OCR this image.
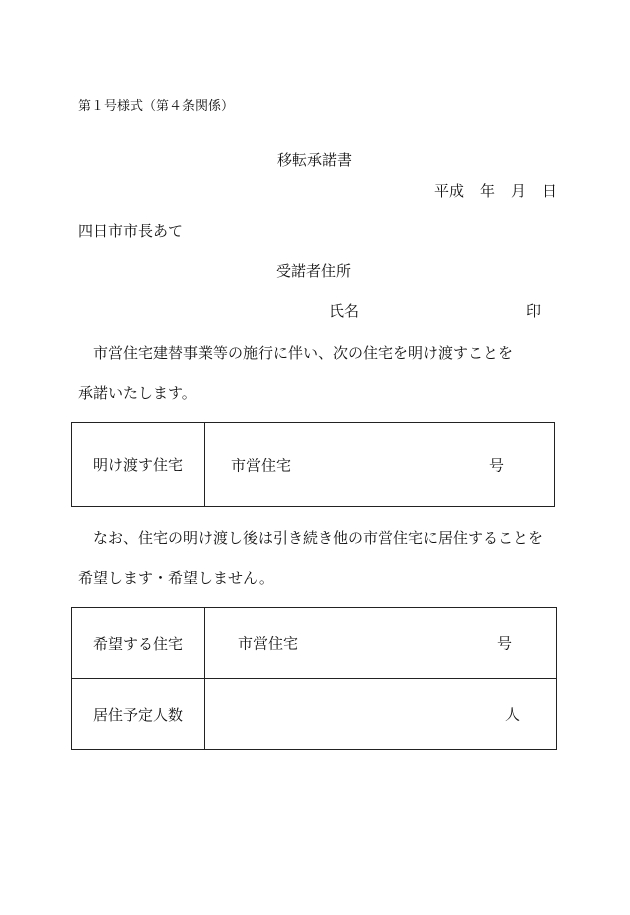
第１号様式（第４条関係）
移転承諾書
平成 年 月 日
四日市市長あて
受諾者住所
氏名	印
市営住宅建替事業等の施行に伴い、次の住宅を明け渡すことを
承諾いたします。
明け渡す住宅	市営住宅	号
なお、住宅の明け渡し後は引き続き他の市営住宅に居住することを
希望します・希望しません。
希望する住宅	市営住宅 号

居住予定人数	人
